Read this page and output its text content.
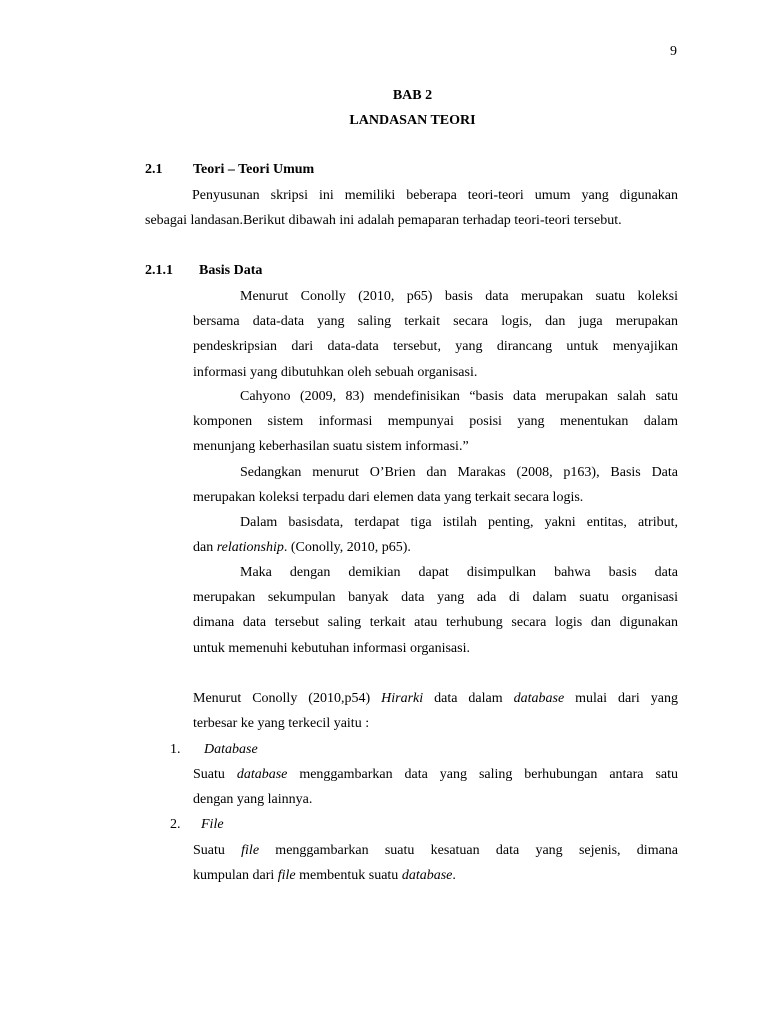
9
BAB 2
LANDASAN TEORI
2.1 Teori – Teori Umum
Penyusunan skripsi ini memiliki beberapa teori-teori umum yang digunakan
sebagai landasan.Berikut dibawah ini adalah pemaparan terhadap teori-teori tersebut.
2.1.1 Basis Data
Menurut Conolly (2010, p65) basis data merupakan suatu koleksi
bersama data-data yang saling terkait secara logis, dan juga merupakan
pendeskripsian dari data-data tersebut, yang dirancang untuk menyajikan
informasi yang dibutuhkan oleh sebuah organisasi.
Cahyono (2009, 83) mendefinisikan “basis data merupakan salah satu
komponen sistem informasi mempunyai posisi yang menentukan dalam
menunjang keberhasilan suatu sistem informasi.”
Sedangkan menurut O’Brien dan Marakas (2008, p163), Basis Data
merupakan koleksi terpadu dari elemen data yang terkait secara logis.
Dalam basisdata, terdapat tiga istilah penting, yakni entitas, atribut,
dan relationship. (Conolly, 2010, p65).
Maka dengan demikian dapat disimpulkan bahwa basis data
merupakan sekumpulan banyak data yang ada di dalam suatu organisasi
dimana data tersebut saling terkait atau terhubung secara logis dan digunakan
untuk memenuhi kebutuhan informasi organisasi.
Menurut Conolly (2010,p54) Hirarki data dalam database mulai dari yang
terbesar ke yang terkecil yaitu :
1. Database
Suatu database menggambarkan data yang saling berhubungan antara satu
dengan yang lainnya.
2. File
Suatu file menggambarkan suatu kesatuan data yang sejenis, dimana
kumpulan dari file membentuk suatu database.
